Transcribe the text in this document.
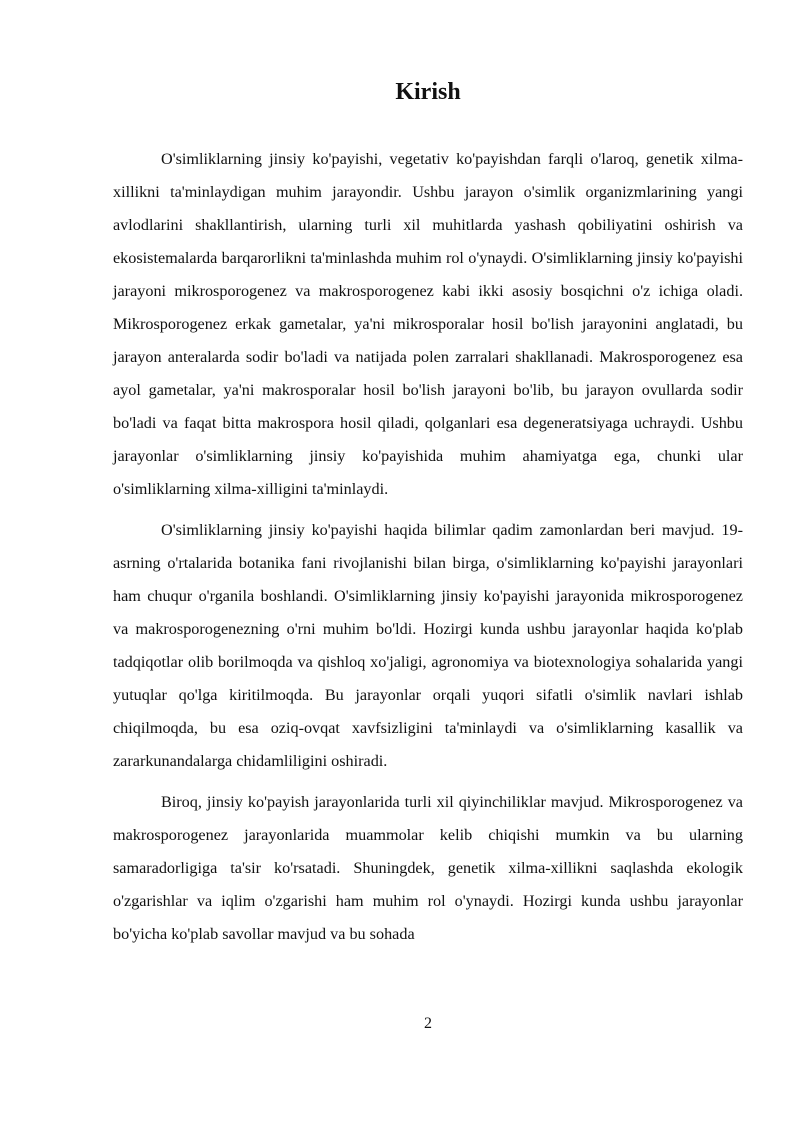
Kirish

O'simliklarning jinsiy ko'payishi, vegetativ ko'payishdan farqli o'laroq, genetik xilma-xillikni ta'minlaydigan muhim jarayondir. Ushbu jarayon o'simlik organizmlarining yangi avlodlarini shakllantirish, ularning turli xil muhitlarda yashash qobiliyatini oshirish va ekosistemalarda barqarorlikni ta'minlashda muhim rol o'ynaydi. O'simliklarning jinsiy ko'payishi jarayoni mikrosporogenez va makrosporogenez kabi ikki asosiy bosqichni o'z ichiga oladi. Mikrosporogenez erkak gametalar, ya'ni mikrosporalar hosil bo'lish jarayonini anglatadi, bu jarayon anteralarda sodir bo'ladi va natijada polen zarralari shakllanadi. Makrosporogenez esa ayol gametalar, ya'ni makrosporalar hosil bo'lish jarayoni bo'lib, bu jarayon ovullarda sodir bo'ladi va faqat bitta makrospora hosil qiladi, qolganlari esa degeneratsiyaga uchraydi. Ushbu jarayonlar o'simliklarning jinsiy ko'payishida muhim ahamiyatga ega, chunki ular o'simliklarning xilma-xilligini ta'minlaydi.

O'simliklarning jinsiy ko'payishi haqida bilimlar qadim zamonlardan beri mavjud. 19-asrning o'rtalarida botanika fani rivojlanishi bilan birga, o'simliklarning ko'payishi jarayonlari ham chuqur o'rganila boshlandi. O'simliklarning jinsiy ko'payishi jarayonida mikrosporogenez va makrosporogenezning o'rni muhim bo'ldi. Hozirgi kunda ushbu jarayonlar haqida ko'plab tadqiqotlar olib borilmoqda va qishloq xo'jaligi, agronomiya va biotexnologiya sohalarida yangi yutuqlar qo'lga kiritilmoqda. Bu jarayonlar orqali yuqori sifatli o'simlik navlari ishlab chiqilmoqda, bu esa oziq-ovqat xavfsizligini ta'minlaydi va o'simliklarning kasallik va zararkunandalarga chidamliligini oshiradi.

Biroq, jinsiy ko'payish jarayonlarida turli xil qiyinchiliklar mavjud. Mikrosporogenez va makrosporogenez jarayonlarida muammolar kelib chiqishi mumkin va bu ularning samaradorligiga ta'sir ko'rsatadi. Shuningdek, genetik xilma-xillikni saqlashda ekologik o'zgarishlar va iqlim o'zgarishi ham muhim rol o'ynaydi. Hozirgi kunda ushbu jarayonlar bo'yicha ko'plab savollar mavjud va bu sohada

2
